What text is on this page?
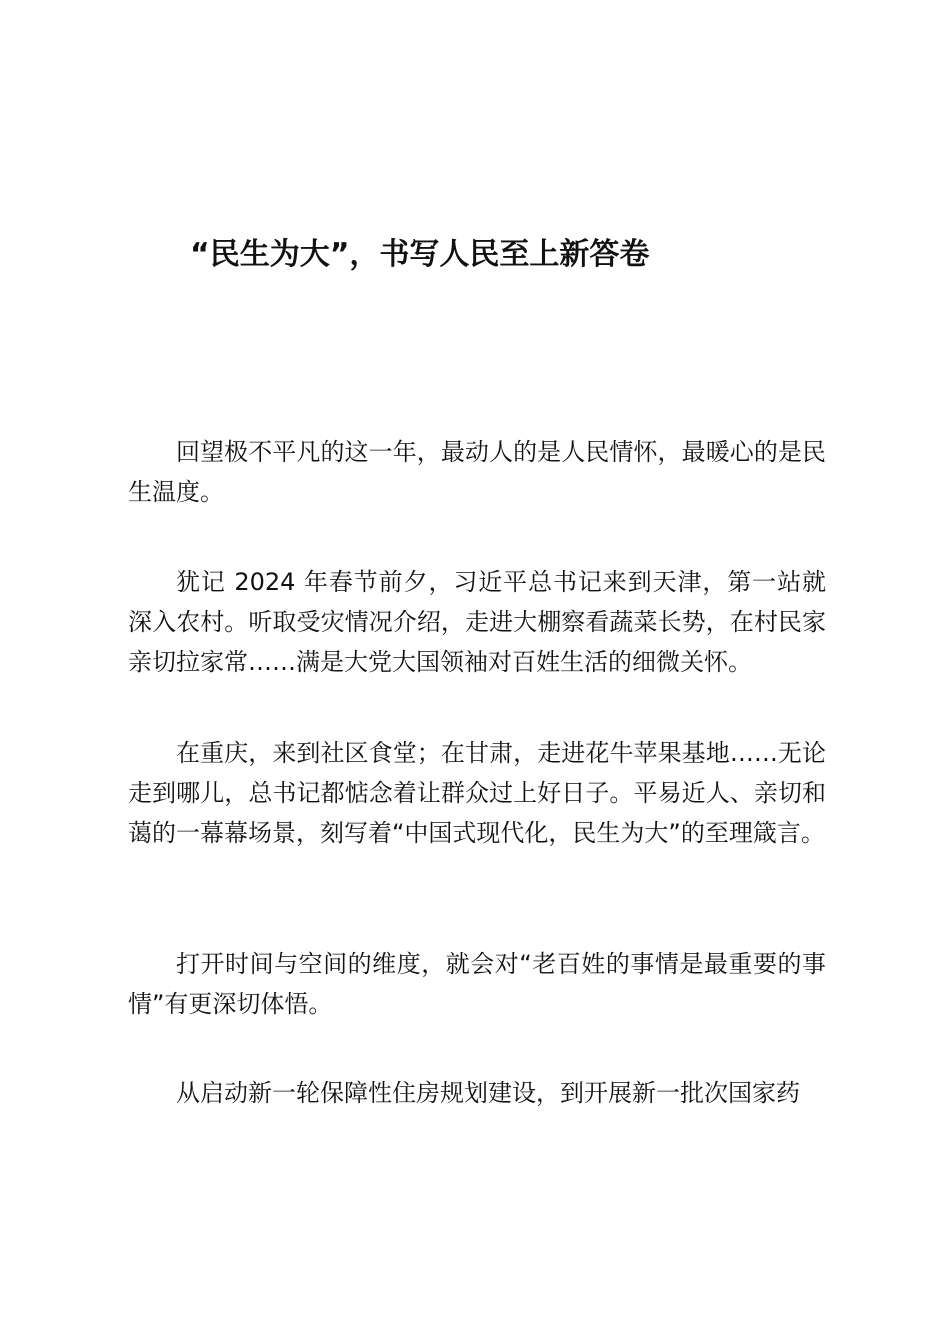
“民生为大”，书写人民至上新答卷

回望极不平凡的这一年，最动人的是人民情怀，最暖心的是民生温度。

犹记 2024 年春节前夕，习近平总书记来到天津，第一站就深入农村。听取受灾情况介绍，走进大棚察看蔬菜长势，在村民家亲切拉家常……满是大党大国领袖对百姓生活的细微关怀。

在重庆，来到社区食堂；在甘肃，走进花牛苹果基地……无论走到哪儿，总书记都惦念着让群众过上好日子。平易近人、亲切和蔼的一幕幕场景，刻写着“中国式现代化，民生为大”的至理箴言。

打开时间与空间的维度，就会对“老百姓的事情是最重要的事情”有更深切体悟。

从启动新一轮保障性住房规划建设，到开展新一批次国家药
